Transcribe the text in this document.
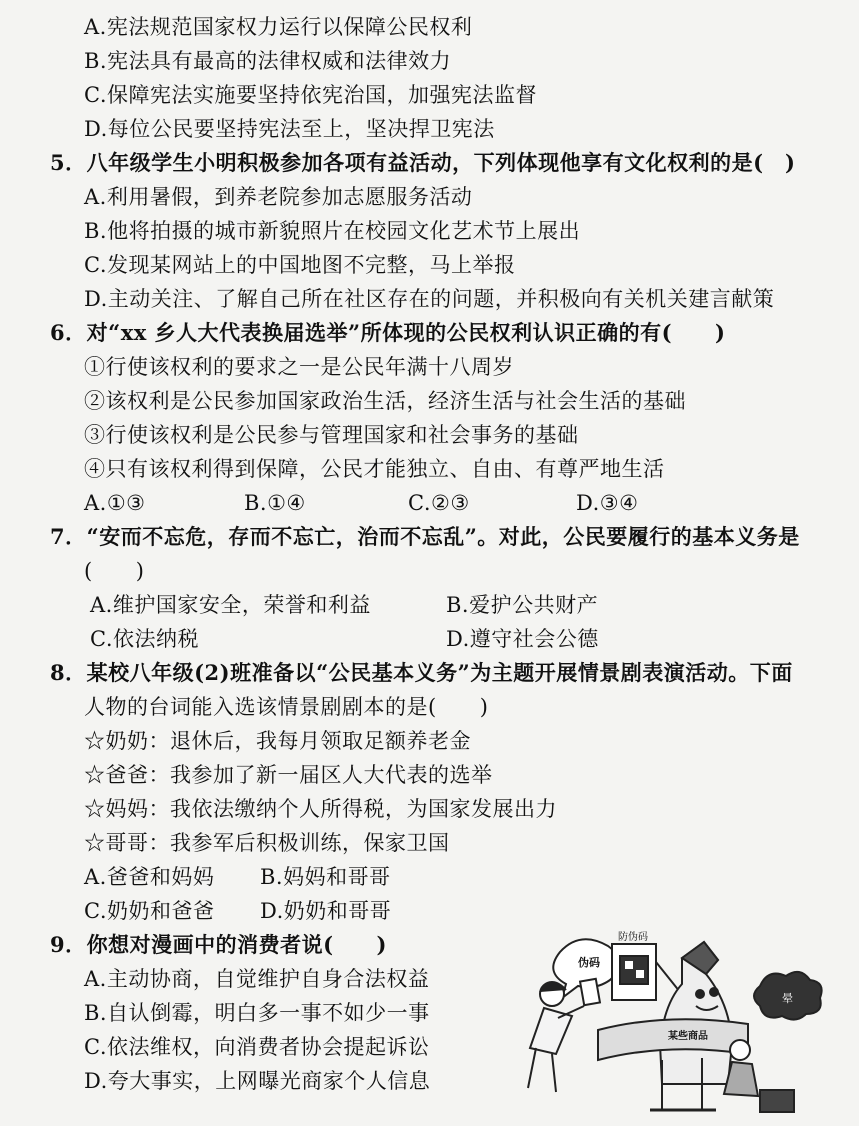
A.宪法规范国家权力运行以保障公民权利
B.宪法具有最高的法律权威和法律效力
C.保障宪法实施要坚持依宪治国，加强宪法监督
D.每位公民要坚持宪法至上，坚决捍卫宪法
5．八年级学生小明积极参加各项有益活动，下列体现他享有文化权利的是(　)
A.利用暑假，到养老院参加志愿服务活动
B.他将拍摄的城市新貌照片在校园文化艺术节上展出
C.发现某网站上的中国地图不完整，马上举报
D.主动关注、了解自己所在社区存在的问题，并积极向有关机关建言献策
6．对“xx 乡人大代表换届选举”所体现的公民权利认识正确的有(　　)
①行使该权利的要求之一是公民年满十八周岁
②该权利是公民参加国家政治生活，经济生活与社会生活的基础
③行使该权利是公民参与管理国家和社会事务的基础
④只有该权利得到保障，公民才能独立、自由、有尊严地生活
A.①③	B.①④	C.②③	D.③④
7．“安而不忘危，存而不忘亡，治而不忘乱”。对此，公民要履行的基本义务是
(　　)
A.维护国家安全，荣誉和利益	B.爱护公共财产
C.依法纳税	D.遵守社会公德
8．某校八年级(2)班准备以“公民基本义务”为主题开展情景剧表演活动。下面
人物的台词能入选该情景剧剧本的是(　　)
☆奶奶：退休后，我每月领取足额养老金
☆爸爸：我参加了新一届区人大代表的选举
☆妈妈：我依法缴纳个人所得税，为国家发展出力
☆哥哥：我参军后积极训练，保家卫国
A.爸爸和妈妈 B.妈妈和哥哥
C.奶奶和爸爸 D.奶奶和哥哥
9．你想对漫画中的消费者说(　　)
A.主动协商，自觉维护自身合法权益
B.自认倒霉，明白多一事不如少一事
C.依法维权，向消费者协会提起诉讼
D.夸大事实，上网曝光商家个人信息
伪码
防伪码
某些商品
晕
